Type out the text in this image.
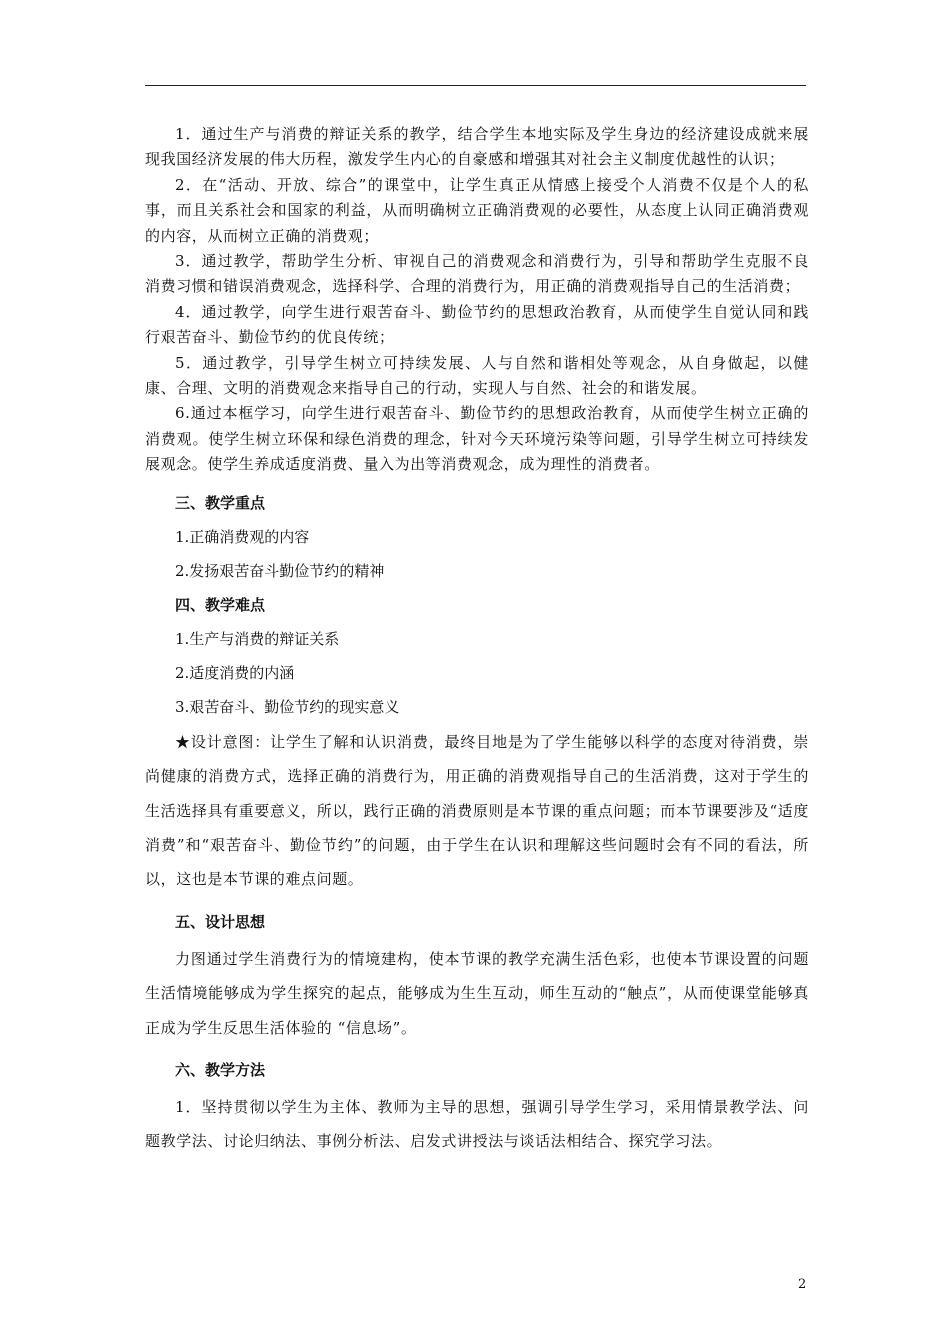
1．通过生产与消费的辩证关系的教学，结合学生本地实际及学生身边的经济建设成就来展现我国经济发展的伟大历程，激发学生内心的自豪感和增强其对社会主义制度优越性的认识；

2．在“活动、开放、综合”的课堂中，让学生真正从情感上接受个人消费不仅是个人的私事，而且关系社会和国家的利益，从而明确树立正确消费观的必要性，从态度上认同正确消费观的内容，从而树立正确的消费观；

3．通过教学，帮助学生分析、审视自己的消费观念和消费行为，引导和帮助学生克服不良消费习惯和错误消费观念，选择科学、合理的消费行为，用正确的消费观指导自己的生活消费；

4．通过教学，向学生进行艰苦奋斗、勤俭节约的思想政治教育，从而使学生自觉认同和践行艰苦奋斗、勤俭节约的优良传统；

5．通过教学，引导学生树立可持续发展、人与自然和谐相处等观念，从自身做起，以健康、合理、文明的消费观念来指导自己的行动，实现人与自然、社会的和谐发展。

6.通过本框学习，向学生进行艰苦奋斗、勤俭节约的思想政治教育，从而使学生树立正确的消费观。使学生树立环保和绿色消费的理念，针对今天环境污染等问题，引导学生树立可持续发展观念。使学生养成适度消费、量入为出等消费观念，成为理性的消费者。

三、教学重点

1.正确消费观的内容

2.发扬艰苦奋斗勤俭节约的精神

四、教学难点

1.生产与消费的辩证关系

2.适度消费的内涵

3.艰苦奋斗、勤俭节约的现实意义

★设计意图：让学生了解和认识消费，最终目地是为了学生能够以科学的态度对待消费，崇尚健康的消费方式，选择正确的消费行为，用正确的消费观指导自己的生活消费，这对于学生的生活选择具有重要意义，所以，践行正确的消费原则是本节课的重点问题；而本节课要涉及“适度消费”和“艰苦奋斗、勤俭节约”的问题，由于学生在认识和理解这些问题时会有不同的看法，所以，这也是本节课的难点问题。

五、设计思想

力图通过学生消费行为的情境建构，使本节课的教学充满生活色彩，也使本节课设置的问题生活情境能够成为学生探究的起点，能够成为生生互动，师生互动的“触点”，从而使课堂能够真正成为学生反思生活体验的 “信息场”。

六、教学方法

1．坚持贯彻以学生为主体、教师为主导的思想，强调引导学生学习，采用情景教学法、问题教学法、讨论归纳法、事例分析法、启发式讲授法与谈话法相结合、探究学习法。

2
